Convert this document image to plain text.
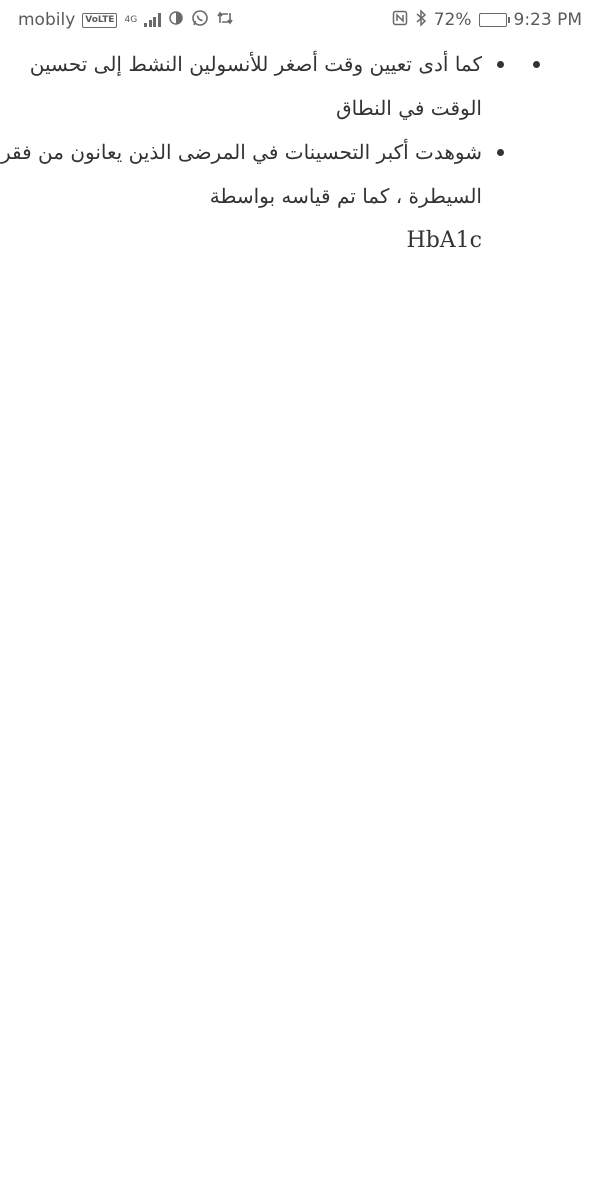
mobily	VoLTE	4G	72% 9:23 PM
كما أدى تعيين وقت أصغر للأنسولين النشط إلى تحسين الوقت في النطاق
شوهدت أكبر التحسينات في المرضى الذين يعانون من فقر السيطرة ، كما تم قياسه بواسطة
HbA1c
